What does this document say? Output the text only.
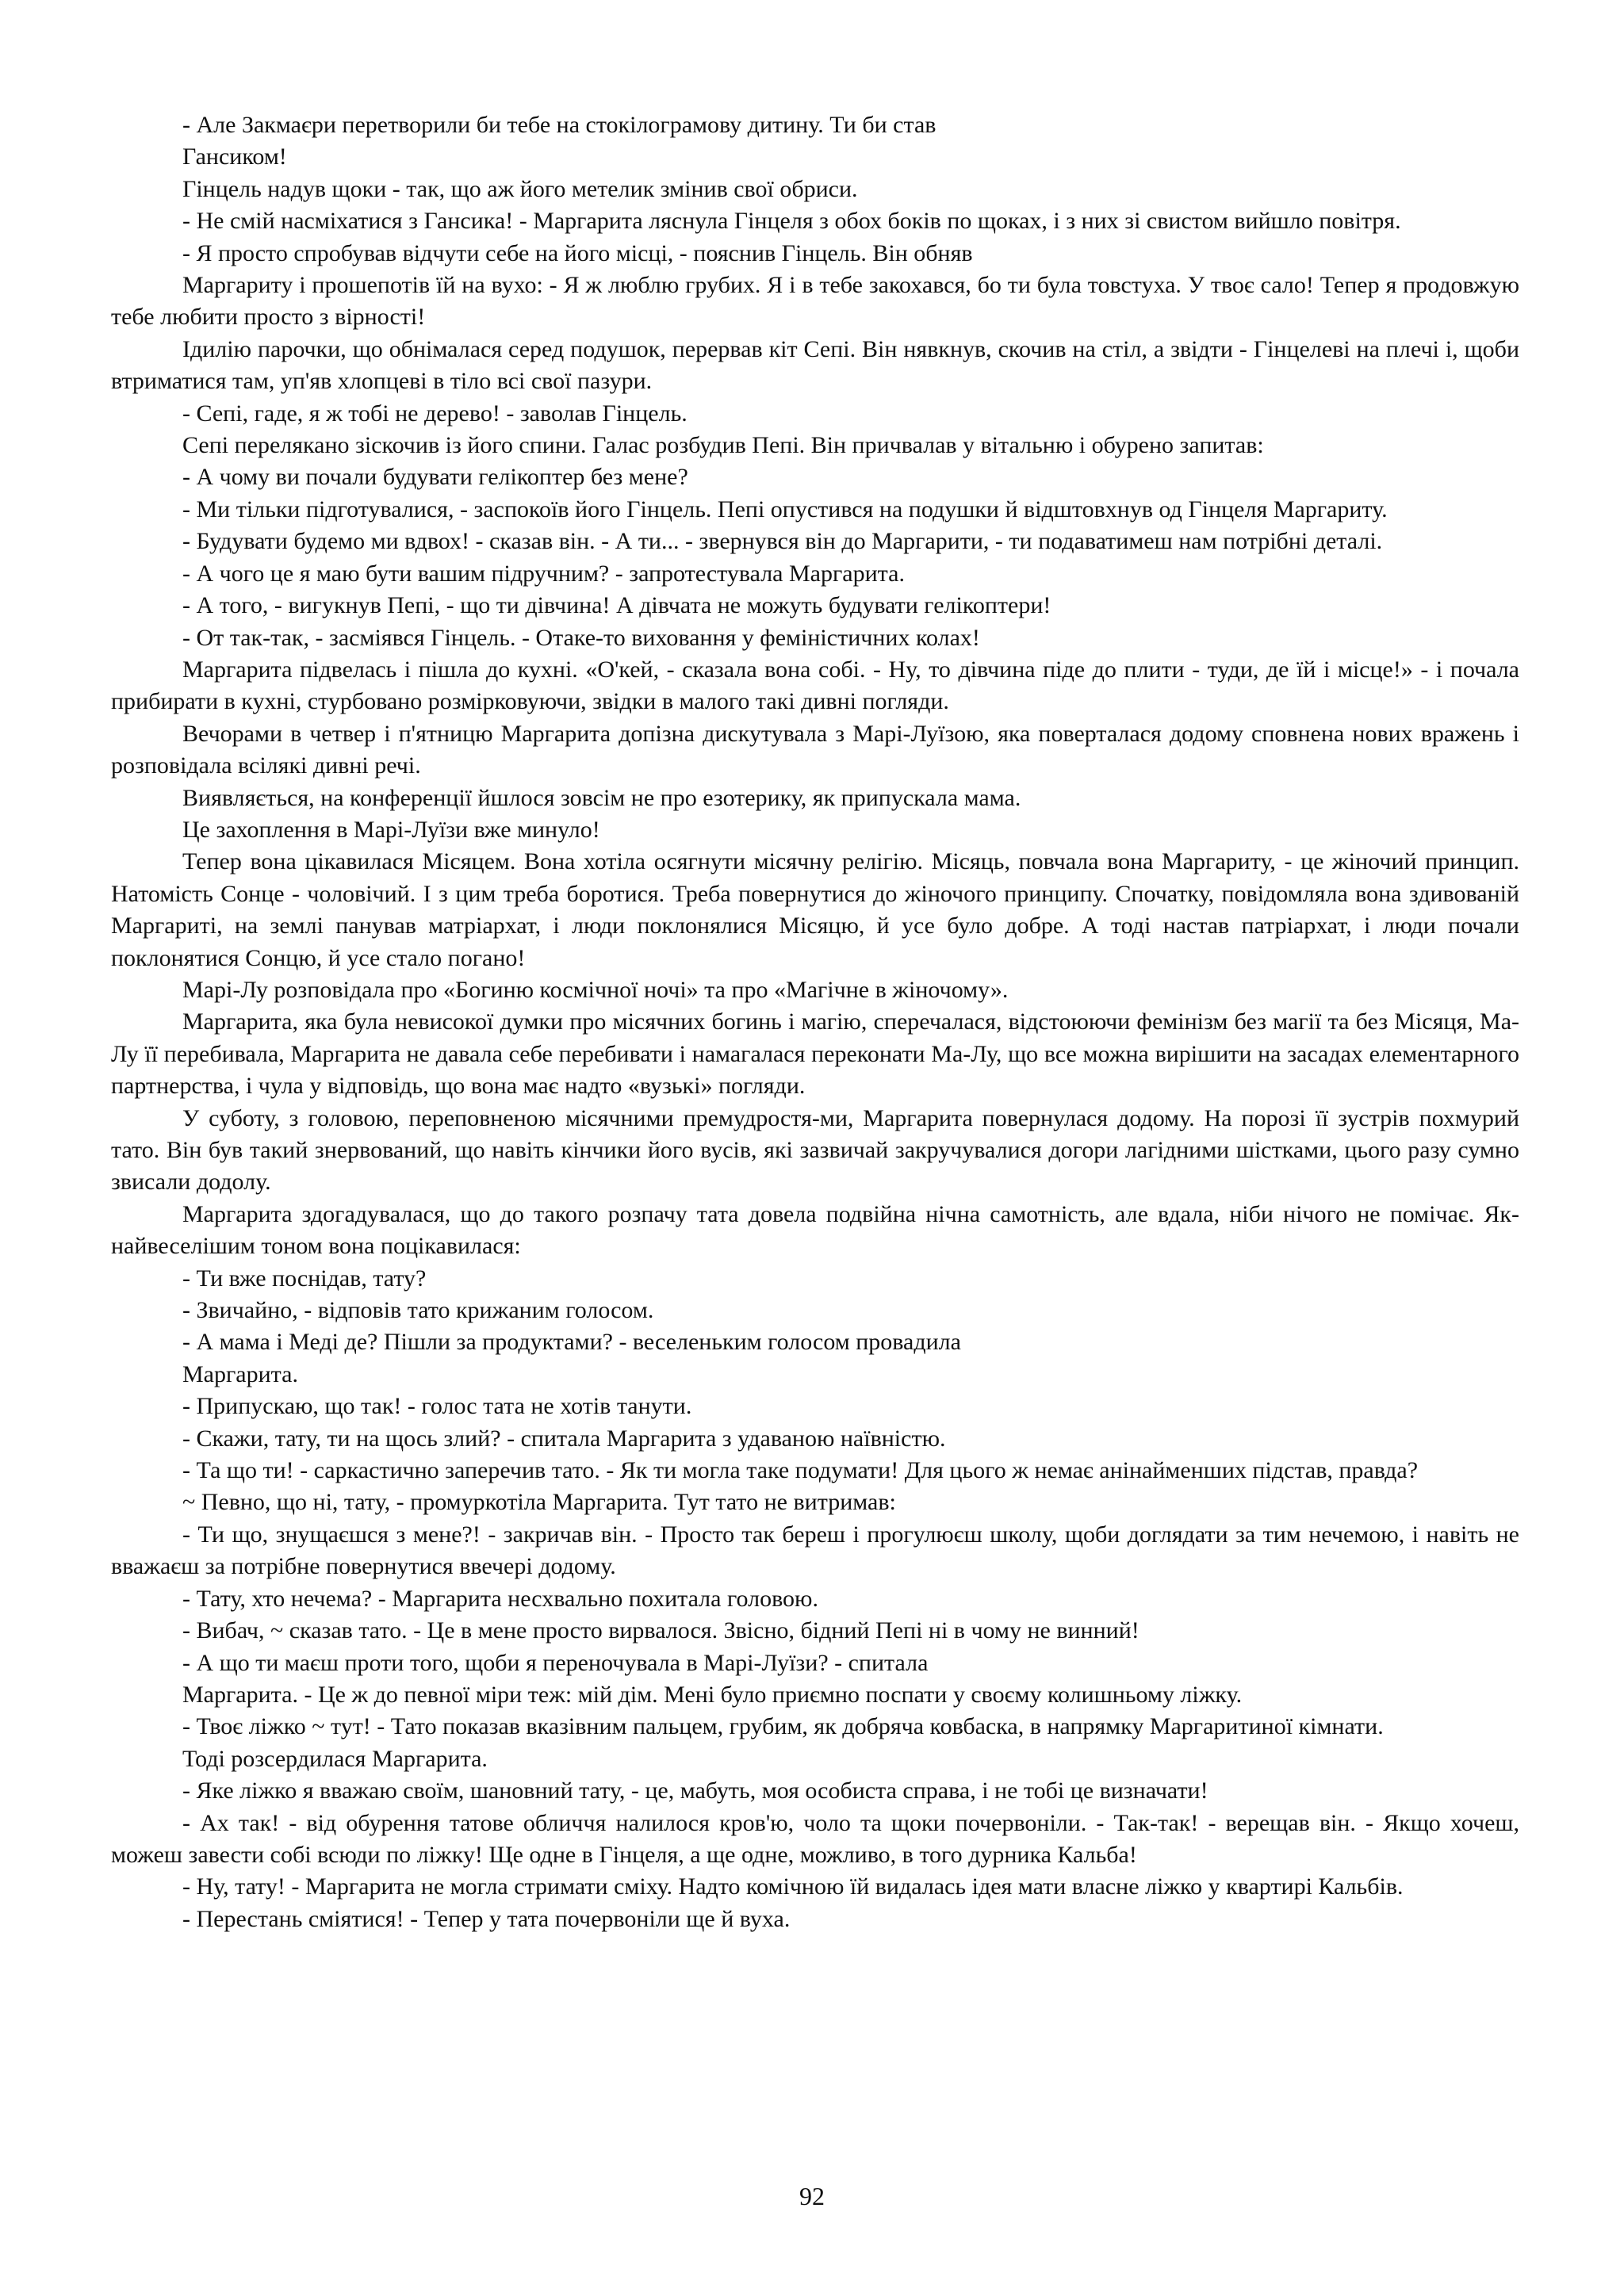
- Але Закмаєри перетворили би тебе на стокілограмову дитину. Ти би став

Гансиком!

Гінцель надув щоки - так, що аж його метелик змінив свої обриси.

- Не смій насміхатися з Гансика! - Маргарита ляснула Гінцеля з обох боків по щоках, і з них зі свистом вийшло повітря.

- Я просто спробував відчути себе на його місці, - пояснив Гінцель. Він обняв

Маргариту і прошепотів їй на вухо: - Я ж люблю грубих. Я і в тебе закохався, бо ти була товстуха. У твоє сало! Тепер я продовжую тебе любити просто з вірності!

Ідилію парочки, що обнімалася серед подушок, перервав кіт Сепі. Він нявкнув, скочив на стіл, а звідти - Гінцелеві на плечі і, щоби втриматися там, уп'яв хлопцеві в тіло всі свої пазури.

- Сепі, гаде, я ж тобі не дерево! - заволав Гінцель.

Сепі перелякано зіскочив із його спини. Галас розбудив Пепі. Він причвалав у вітальню і обурено запитав:

- А чому ви почали будувати гелікоптер без мене?

- Ми тільки підготувалися, - заспокоїв його Гінцель. Пепі опустився на подушки й відштовхнув од Гінцеля Маргариту.

- Будувати будемо ми вдвох! - сказав він. - А ти... - звернувся він до Маргарити, - ти подаватимеш нам потрібні деталі.

- А чого це я маю бути вашим підручним? - запротестувала Маргарита.

- А того, - вигукнув Пепі, - що ти дівчина! А дівчата не можуть будувати гелікоптери!

- От так-так, - засміявся Гінцель. - Отаке-то виховання у феміністичних колах!

Маргарита підвелась і пішла до кухні. «О'кей, - сказала вона собі. - Ну, то дівчина піде до плити - туди, де їй і місце!» - і почала прибирати в кухні, стурбовано розмірковуючи, звідки в малого такі дивні погляди.

Вечорами в четвер і п'ятницю Маргарита допізна дискутувала з Марі-Луїзою, яка поверталася додому сповнена нових вражень і розповідала всілякі дивні речі.

Виявляється, на конференції йшлося зовсім не про езотерику, як припускала мама.

Це захоплення в Марі-Луїзи вже минуло!

Тепер вона цікавилася Місяцем. Вона хотіла осягнути місячну релігію. Місяць, повчала вона Маргариту, - це жіночий принцип. Натомість Сонце - чоловічий. І з цим треба боротися. Треба повернутися до жіночого принципу. Спочатку, повідомляла вона здивованій Маргариті, на землі панував матріархат, і люди поклонялися Місяцю, й усе було добре. А тоді настав патріархат, і люди почали поклонятися Сонцю, й усе стало погано!

Марі-Лу розповідала про «Богиню космічної ночі» та про «Магічне в жіночому».

Маргарита, яка була невисокої думки про місячних богинь і магію, сперечалася, відстоюючи фемінізм без магії та без Місяця, Ма-Лу її перебивала, Маргарита не давала себе перебивати і намагалася переконати Ма-Лу, що все можна вирішити на засадах елементарного партнерства, і чула у відповідь, що вона має надто «вузькі» погляди.

У суботу, з головою, переповненою місячними премудростя-ми, Маргарита повернулася додому. На порозі її зустрів похмурий тато. Він був такий знервований, що навіть кінчики його вусів, які зазвичай закручувалися догори лагідними шістками, цього разу сумно звисали додолу.

Маргарита здогадувалася, що до такого розпачу тата довела подвійна нічна самотність, але вдала, ніби нічого не помічає. Як-найвеселішим тоном вона поцікавилася:

- Ти вже поснідав, тату?

- Звичайно, - відповів тато крижаним голосом.

- А мама і Меді де? Пішли за продуктами? - веселеньким голосом провадила

Маргарита.

- Припускаю, що так! - голос тата не хотів танути.

- Скажи, тату, ти на щось злий? - спитала Маргарита з удаваною наївністю.

- Та що ти! - саркастично заперечив тато. - Як ти могла таке подумати! Для цього ж немає анінайменших підстав, правда?

~ Певно, що ні, тату, - промуркотіла Маргарита. Тут тато не витримав:

- Ти що, знущаєшся з мене?! - закричав він. - Просто так береш і прогулюєш школу, щоби доглядати за тим нечемою, і навіть не вважаєш за потрібне повернутися ввечері додому.

- Тату, хто нечема? - Маргарита несхвально похитала головою.

- Вибач, ~ сказав тато. - Це в мене просто вирвалося. Звісно, бідний Пепі ні в чому не винний!

- А що ти маєш проти того, щоби я переночувала в Марі-Луїзи? - спитала

Маргарита. - Це ж до певної міри теж: мій дім. Мені було приємно поспати у своєму колишньому ліжку.

- Твоє ліжко ~ тут! - Тато показав вказівним пальцем, грубим, як добряча ковбаска, в напрямку Маргаритиної кімнати.

Тоді розсердилася Маргарита.

- Яке ліжко я вважаю своїм, шановний тату, - це, мабуть, моя особиста справа, і не тобі це визначати!

- Ах так! - від обурення татове обличчя налилося кров'ю, чоло та щоки почервоніли. - Так-так! - верещав він. - Якщо хочеш, можеш завести собі всюди по ліжку! Ще одне в Гінцеля, а ще одне, можливо, в того дурника Кальба!

- Ну, тату! - Маргарита не могла стримати сміху. Надто комічною їй видалась ідея мати власне ліжко у квартирі Кальбів.

- Перестань сміятися! - Тепер у тата почервоніли ще й вуха.

92
